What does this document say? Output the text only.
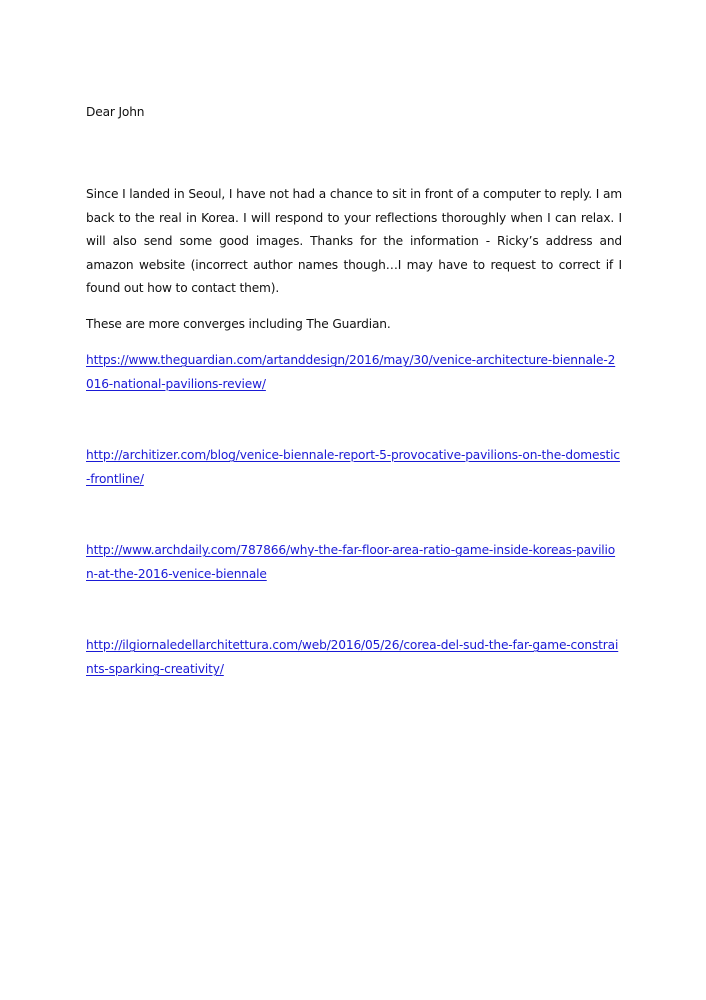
Dear John

Since I landed in Seoul, I have not had a chance to sit in front of a computer to reply. I am back to the real in Korea. I will respond to your reflections thoroughly when I can relax. I will also send some good images. Thanks for the information - Ricky’s address and amazon website (incorrect author names though…I may have to request to correct if I found out how to contact them).

These are more converges including The Guardian.

https://www.theguardian.com/artanddesign/2016/may/30/venice-architecture-biennale-2016-national-pavilions-review/
http://architizer.com/blog/venice-biennale-report-5-provocative-pavilions-on-the-domestic-frontline/
http://www.archdaily.com/787866/why-the-far-floor-area-ratio-game-inside-koreas-pavilion-at-the-2016-venice-biennale
http://ilgiornaledellarchitettura.com/web/2016/05/26/corea-del-sud-the-far-game-constraints-sparking-creativity/
